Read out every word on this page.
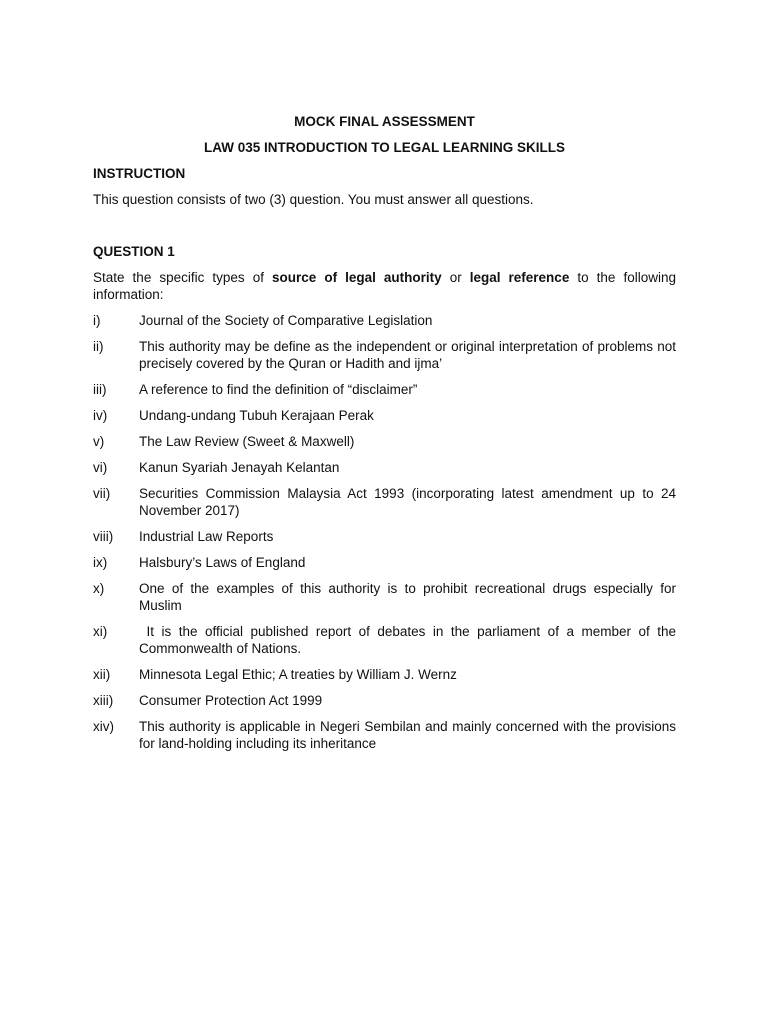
MOCK FINAL ASSESSMENT

LAW 035 INTRODUCTION TO LEGAL LEARNING SKILLS

INSTRUCTION

This question consists of two (3) question. You must answer all questions.

QUESTION 1

State the specific types of source of legal authority or legal reference to the following information:

i)	Journal of the Society of Comparative Legislation
ii)	This authority may be define as the independent or original interpretation of problems not precisely covered by the Quran or Hadith and ijma’
iii)	A reference to find the definition of “disclaimer”
iv)	Undang-undang Tubuh Kerajaan Perak
v)	The Law Review (Sweet & Maxwell)
vi)	Kanun Syariah Jenayah Kelantan
vii)	Securities Commission Malaysia Act 1993 (incorporating latest amendment up to 24 November 2017)
viii)	Industrial Law Reports
ix)	Halsbury’s Laws of England
x)	One of the examples of this authority is to prohibit recreational drugs especially for Muslim
xi)	It is the official published report of debates in the parliament of a member of the Commonwealth of Nations.
xii)	Minnesota Legal Ethic; A treaties by William J. Wernz
xiii)	Consumer Protection Act 1999
xiv)	This authority is applicable in Negeri Sembilan and mainly concerned with the provisions for land-holding including its inheritance
